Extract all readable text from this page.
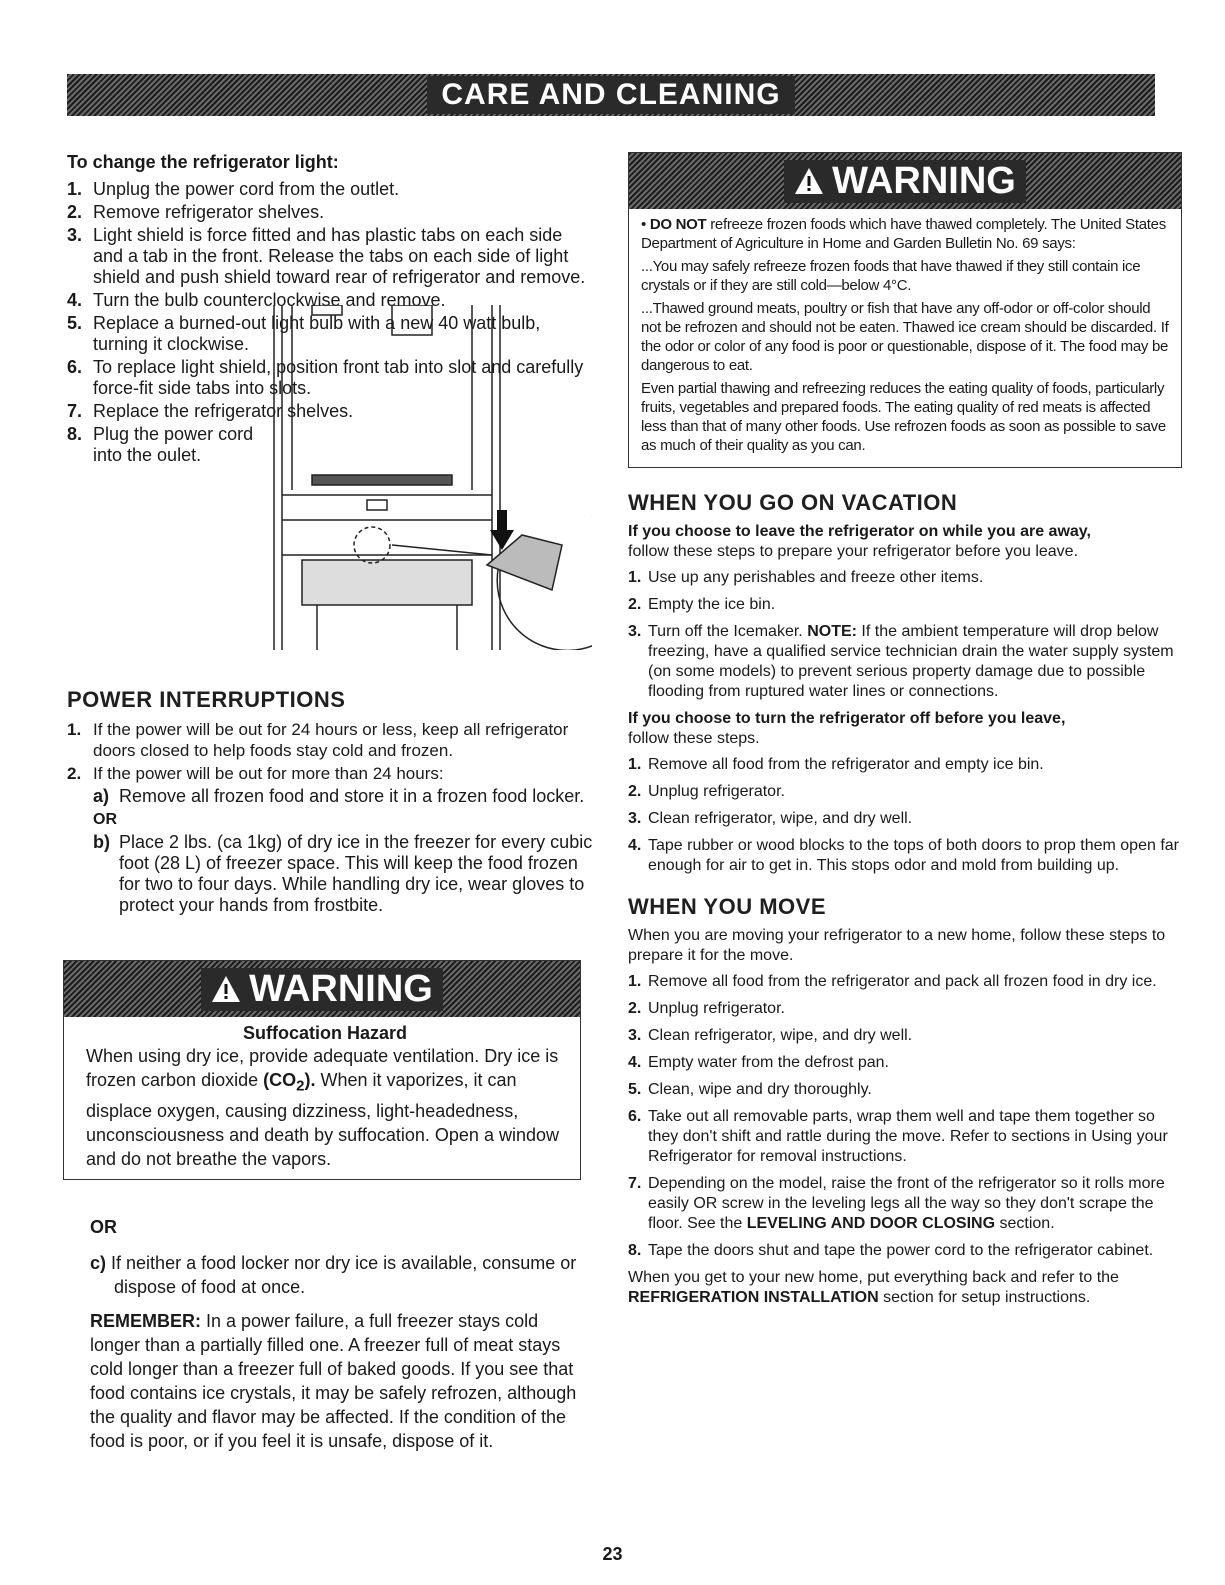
CARE AND CLEANING
To change the refrigerator light:
1. Unplug the power cord from the outlet.
2. Remove refrigerator shelves.
3. Light shield is force fitted and has plastic tabs on each side and a tab in the front. Release the tabs on each side of light shield and push shield toward rear of refrigerator and remove.
4. Turn the bulb counterclockwise and remove.
5. Replace a burned-out light bulb with a new 40 watt bulb, turning it clockwise.
6. To replace light shield, position front tab into slot and carefully force-fit side tabs into slots.
7. Replace the refrigerator shelves.
8. Plug the power cord into the oulet.
POWER INTERRUPTIONS
1. If the power will be out for 24 hours or less, keep all refrigerator doors closed to help foods stay cold and frozen.
2. If the power will be out for more than 24 hours:
a) Remove all frozen food and store it in a frozen food locker.
OR
b) Place 2 lbs. (ca 1kg) of dry ice in the freezer for every cubic foot (28 L) of freezer space. This will keep the food frozen for two to four days. While handling dry ice, wear gloves to protect your hands from frostbite.
WARNING

Suffocation Hazard

When using dry ice, provide adequate ventilation. Dry ice is frozen carbon dioxide $(CO_2)$. When it vaporizes, it can displace oxygen, causing dizziness, light-headedness, unconsciousness and death by suffocation. Open a window and do not breathe the vapors.

OR

c) If neither a food locker nor dry ice is available, consume or dispose of food at once.

REMEMBER: In a power failure, a full freezer stays cold longer than a partially filled one. A freezer full of meat stays cold longer than a freezer full of baked goods. If you see that food contains ice crystals, it may be safely refrozen, although the quality and flavor may be affected. If the condition of the food is poor, or if you feel it is unsafe, dispose of it.

WARNING

• DO NOT refreeze frozen foods which have thawed completely. The United States Department of Agriculture in Home and Garden Bulletin No. 69 says:

...You may safely refreeze frozen foods that have thawed if they still contain ice crystals or if they are still cold—below 4°C.

...Thawed ground meats, poultry or fish that have any off-odor or off-color should not be refrozen and should not be eaten. Thawed ice cream should be discarded. If the odor or color of any food is poor or questionable, dispose of it. The food may be dangerous to eat.

Even partial thawing and refreezing reduces the eating quality of foods, particularly fruits, vegetables and prepared foods. The eating quality of red meats is affected less than that of many other foods. Use refrozen foods as soon as possible to save as much of their quality as you can.

WHEN YOU GO ON VACATION

If you choose to leave the refrigerator on while you are away,

follow these steps to prepare your refrigerator before you leave.

1. Use up any perishables and freeze other items.
2. Empty the ice bin.
3. Turn off the Icemaker. NOTE: If the ambient temperature will drop below freezing, have a qualified service technician drain the water supply system (on some models) to prevent serious property damage due to possible flooding from ruptured water lines or connections.

If you choose to turn the refrigerator off before you leave,

follow these steps.

1. Remove all food from the refrigerator and empty ice bin.
2. Unplug refrigerator.
3. Clean refrigerator, wipe, and dry well.
4. Tape rubber or wood blocks to the tops of both doors to prop them open far enough for air to get in. This stops odor and mold from building up.
WHEN YOU MOVE

When you are moving your refrigerator to a new home, follow these steps to prepare it for the move.

1. Remove all food from the refrigerator and pack all frozen food in dry ice.
2. Unplug refrigerator.
3. Clean refrigerator, wipe, and dry well.
4. Empty water from the defrost pan.
5. Clean, wipe and dry thoroughly.
6. Take out all removable parts, wrap them well and tape them together so they don't shift and rattle during the move. Refer to sections in Using your Refrigerator for removal instructions.
7. Depending on the model, raise the front of the refrigerator so it rolls more easily OR screw in the leveling legs all the way so they don't scrape the floor. See the LEVELING AND DOOR CLOSING section.
8. Tape the doors shut and tape the power cord to the refrigerator cabinet.

When you get to your new home, put everything back and refer to the REFRIGERATION INSTALLATION section for setup instructions.

23
